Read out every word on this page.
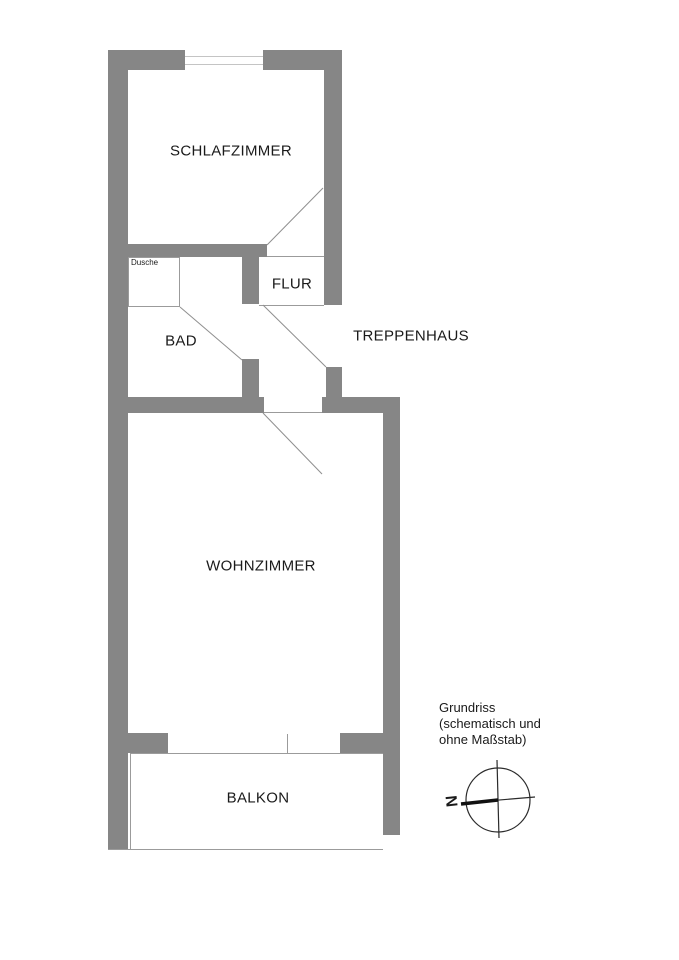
SCHLAFZIMMER
Dusche
FLUR
BAD	TREPPENHAUS
WOHNZIMMER
BALKON
Grundriss
(schematisch und
ohne Maßstab)
N
